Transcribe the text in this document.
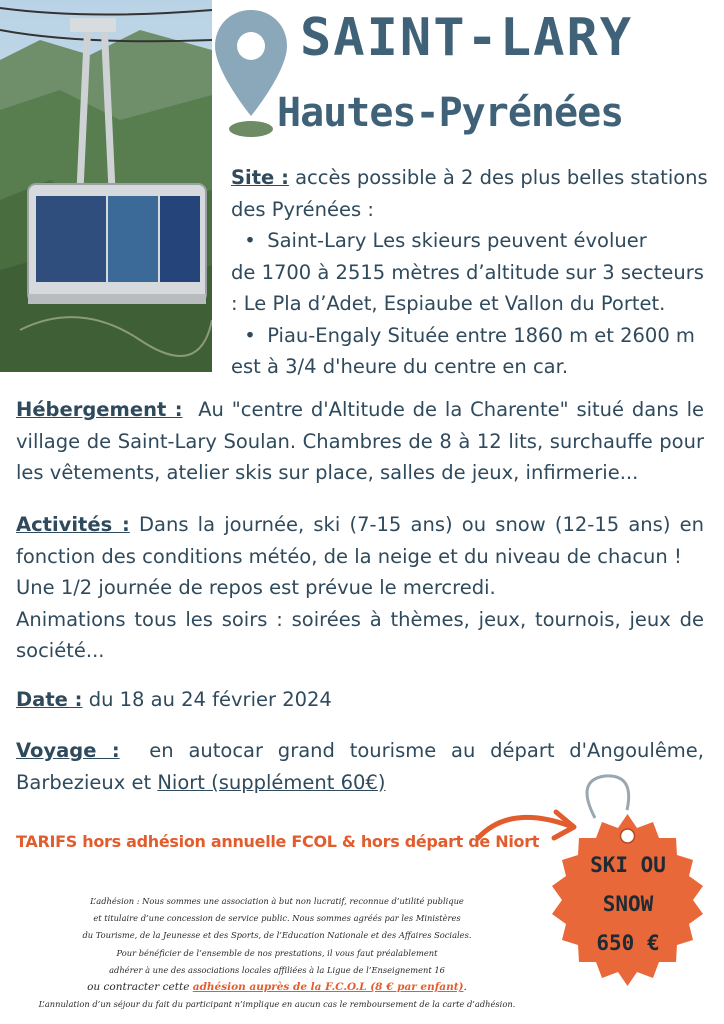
SAINT-LARY
Hautes-Pyrénées
Site : accès possible à 2 des plus belles stations des Pyrénées :
• Saint-Lary Les skieurs peuvent évoluer
de 1700 à 2515 mètres d’altitude sur 3 secteurs : Le Pla d’Adet, Espiaube et Vallon du Portet.
• Piau-Engaly Située entre 1860 m et 2600 m
est à 3/4 d'heure du centre en car.
Hébergement : Au "centre d'Altitude de la Charente" situé dans le village de Saint-Lary Soulan. Chambres de 8 à 12 lits, surchauffe pour les vêtements, atelier skis sur place, salles de jeux, infirmerie...
Activités : Dans la journée, ski (7-15 ans) ou snow (12-15 ans) en fonction des conditions météo, de la neige et du niveau de chacun !
Une 1/2 journée de repos est prévue le mercredi.
Animations tous les soirs : soirées à thèmes, jeux, tournois, jeux de société...
Date : du 18 au 24 février 2024
Voyage : en autocar grand tourisme au départ d'Angoulême, Barbezieux et Niort (supplément 60€)
TARIFS hors adhésion annuelle FCOL & hors départ de Niort
SKI OU
SNOW
650 €
L’adhésion : Nous sommes une association à but non lucratif, reconnue d’utilité publique
et titulaire d’une concession de service public. Nous sommes agréés par les Ministères
du Tourisme, de la Jeunesse et des Sports, de l’Education Nationale et des Affaires Sociales.
Pour bénéficier de l’ensemble de nos prestations, il vous faut préalablement
adhérer à une des associations locales affiliées à la Ligue de l’Enseignement 16
ou contracter cette adhésion auprès de la F.C.O.L (8 € par enfant).
L’annulation d’un séjour du fait du participant n’implique en aucun cas le remboursement de la carte d’adhésion.
